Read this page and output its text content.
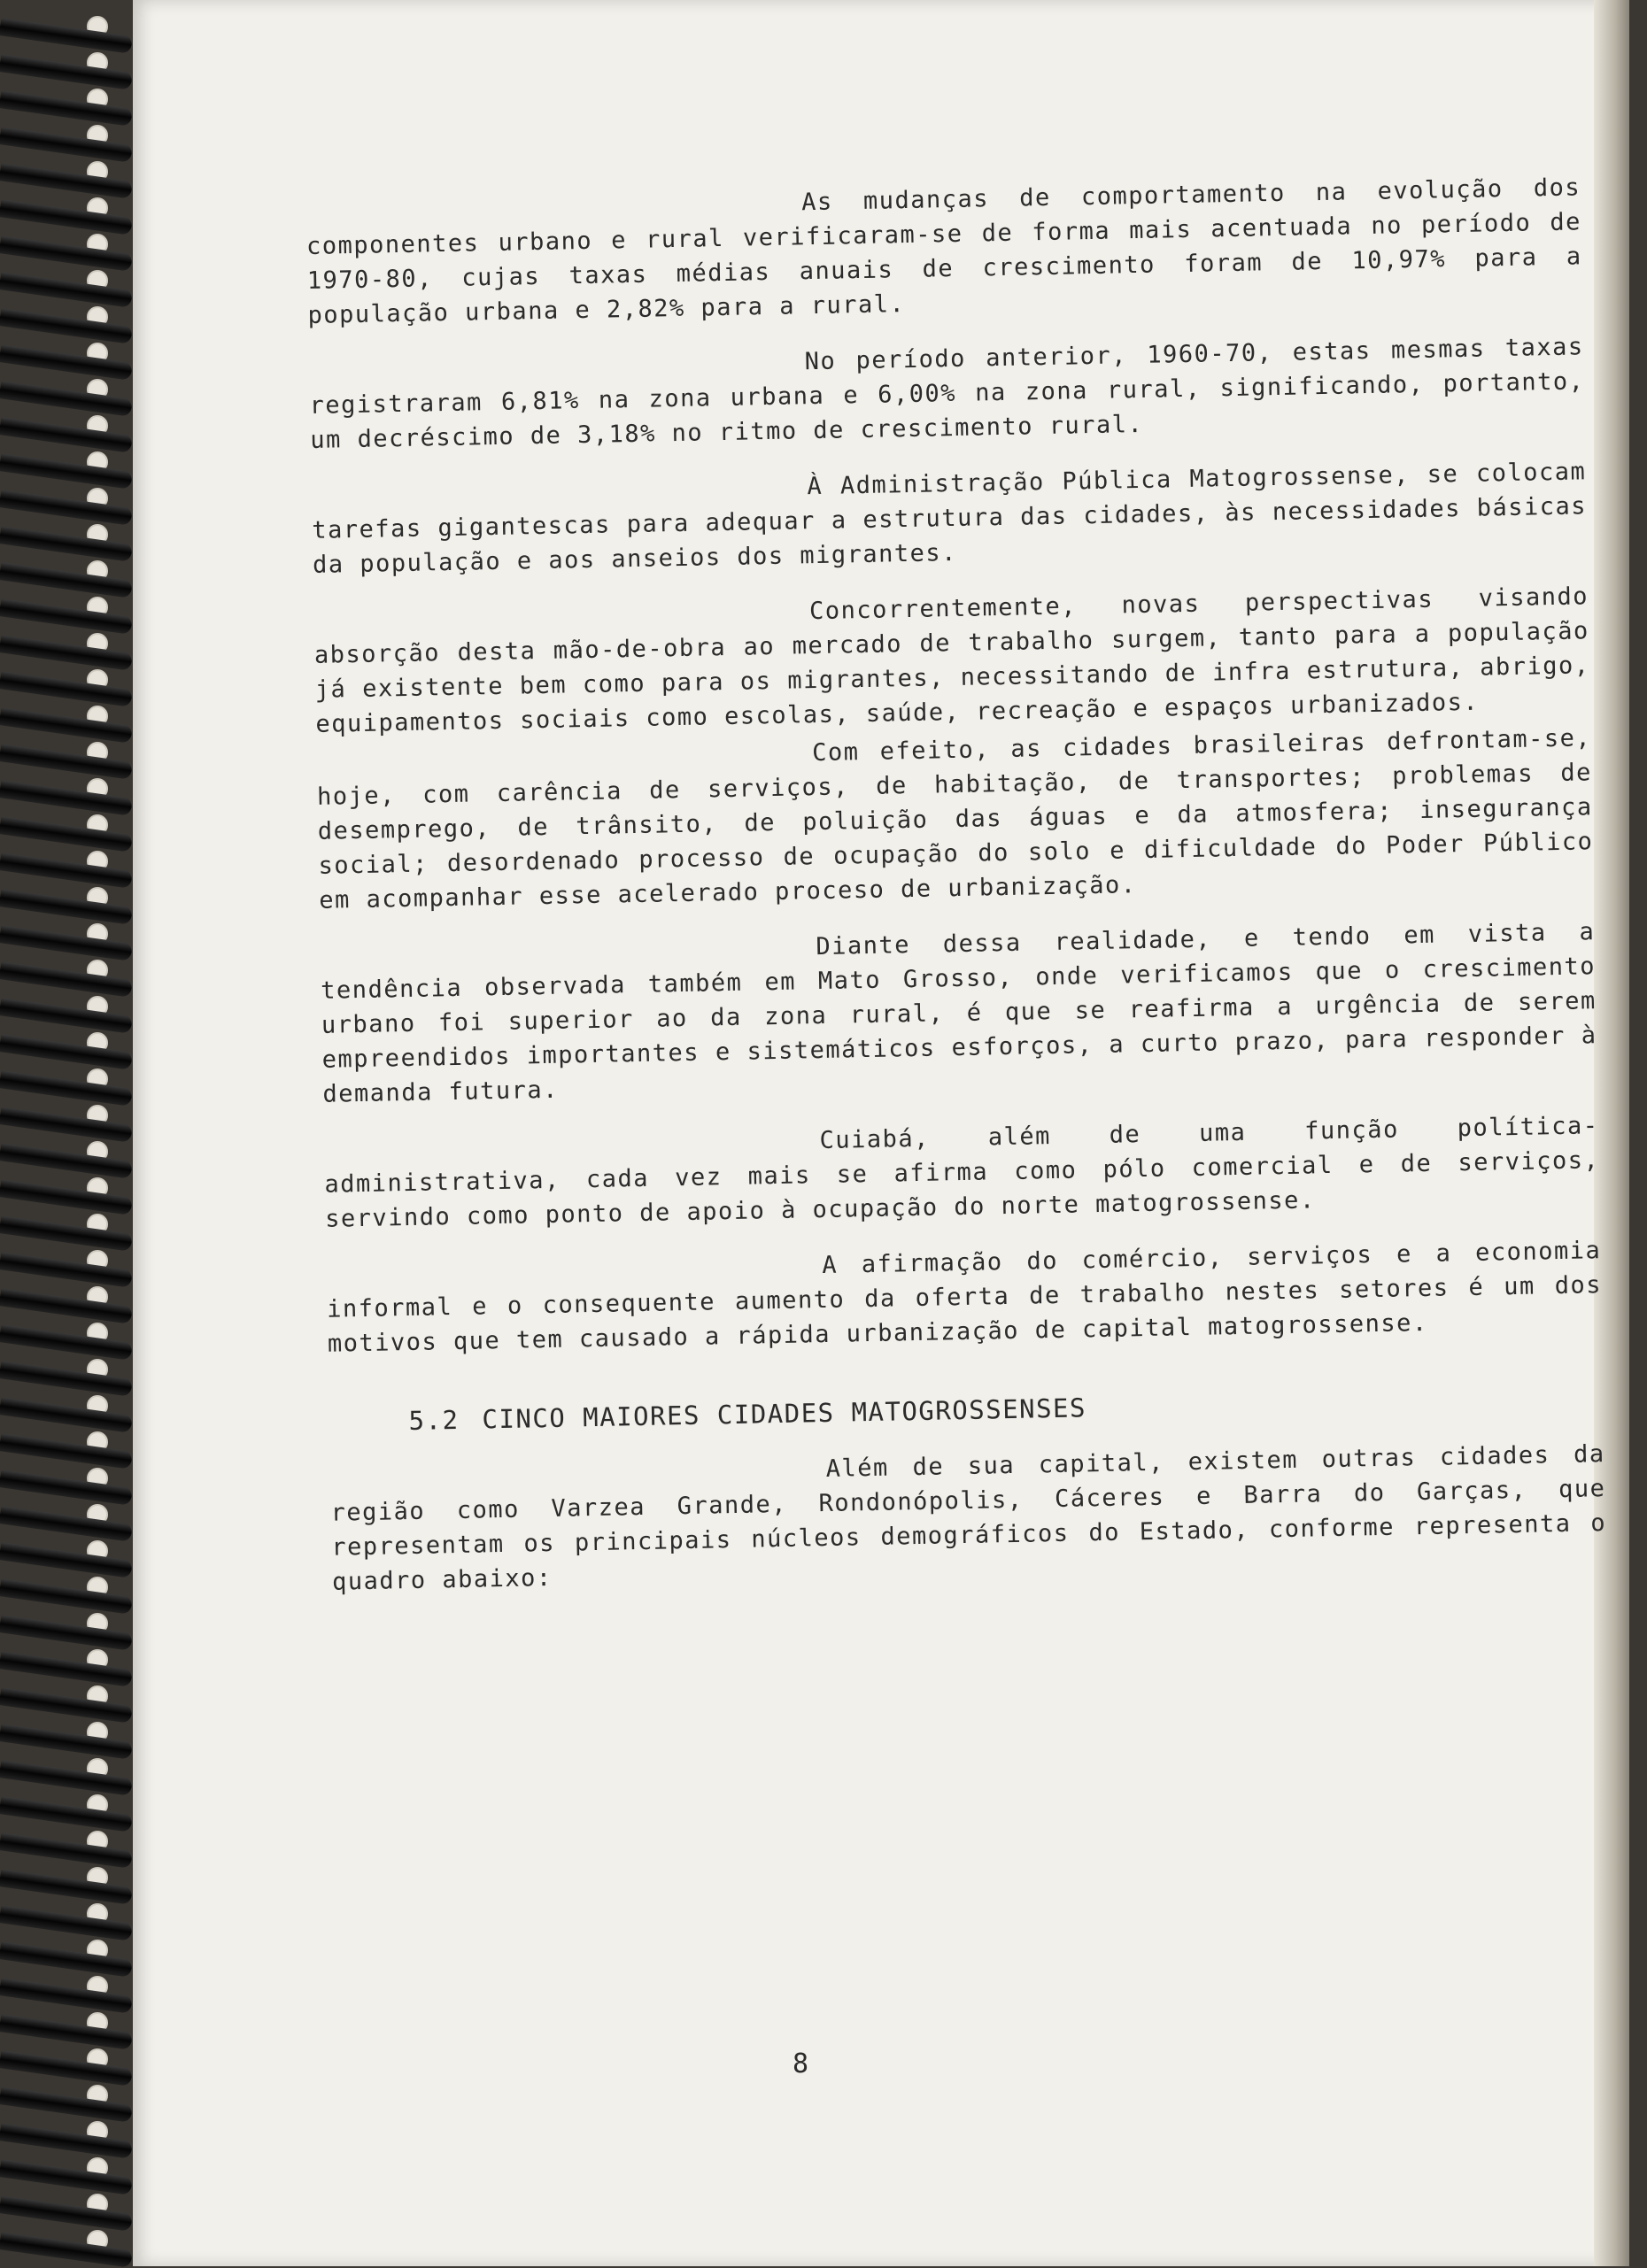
As mudanças de comportamento na evolução dos componentes urbano e rural verificaram-se de forma mais acentuada no período de 1970-80, cujas taxas médias anuais de crescimento foram de 10,97% para a população urbana e 2,82% para a rural.

No período anterior, 1960-70, estas mesmas taxas registraram 6,81% na zona urbana e 6,00% na zona rural, significando, portanto, um decréscimo de 3,18% no ritmo de crescimento rural.

À Administração Pública Matogrossense, se colocam tarefas gigantescas para adequar a estrutura das cidades, às necessidades básicas da população e aos anseios dos migrantes.

Concorrentemente, novas perspectivas visando absorção desta mão-de-obra ao mercado de trabalho surgem, tanto para a população já existente bem como para os migrantes, necessitando de infra estrutura, abrigo, equipamentos sociais como escolas, saúde, recreação e espaços urbanizados.

Com efeito, as cidades brasileiras defrontam-se, hoje, com carência de serviços, de habitação, de transportes; problemas de desemprego, de trânsito, de poluição das águas e da atmosfera; insegurança social; desordenado processo de ocupação do solo e dificuldade do Poder Público em acompanhar esse acelerado proceso de urbanização.

Diante dessa realidade, e tendo em vista a tendência observada também em Mato Grosso, onde verificamos que o crescimento urbano foi superior ao da zona rural, é que se reafirma a urgência de serem empreendidos importantes e sistemáticos esforços, a curto prazo, para responder à demanda futura.

Cuiabá, além de uma função política- administrativa, cada vez mais se afirma como pólo comercial e de serviços, servindo como ponto de apoio à ocupação do norte matogrossense.

A afirmação do comércio, serviços e a economia informal e o consequente aumento da oferta de trabalho nestes setores é um dos motivos que tem causado a rápida urbanização de capital matogrossense.

5.2 CINCO MAIORES CIDADES MATOGROSSENSES

Além de sua capital, existem outras cidades da região como Varzea Grande, Rondonópolis, Cáceres e Barra do Garças, que representam os principais núcleos demográficos do Estado, conforme representa o quadro abaixo:

8
